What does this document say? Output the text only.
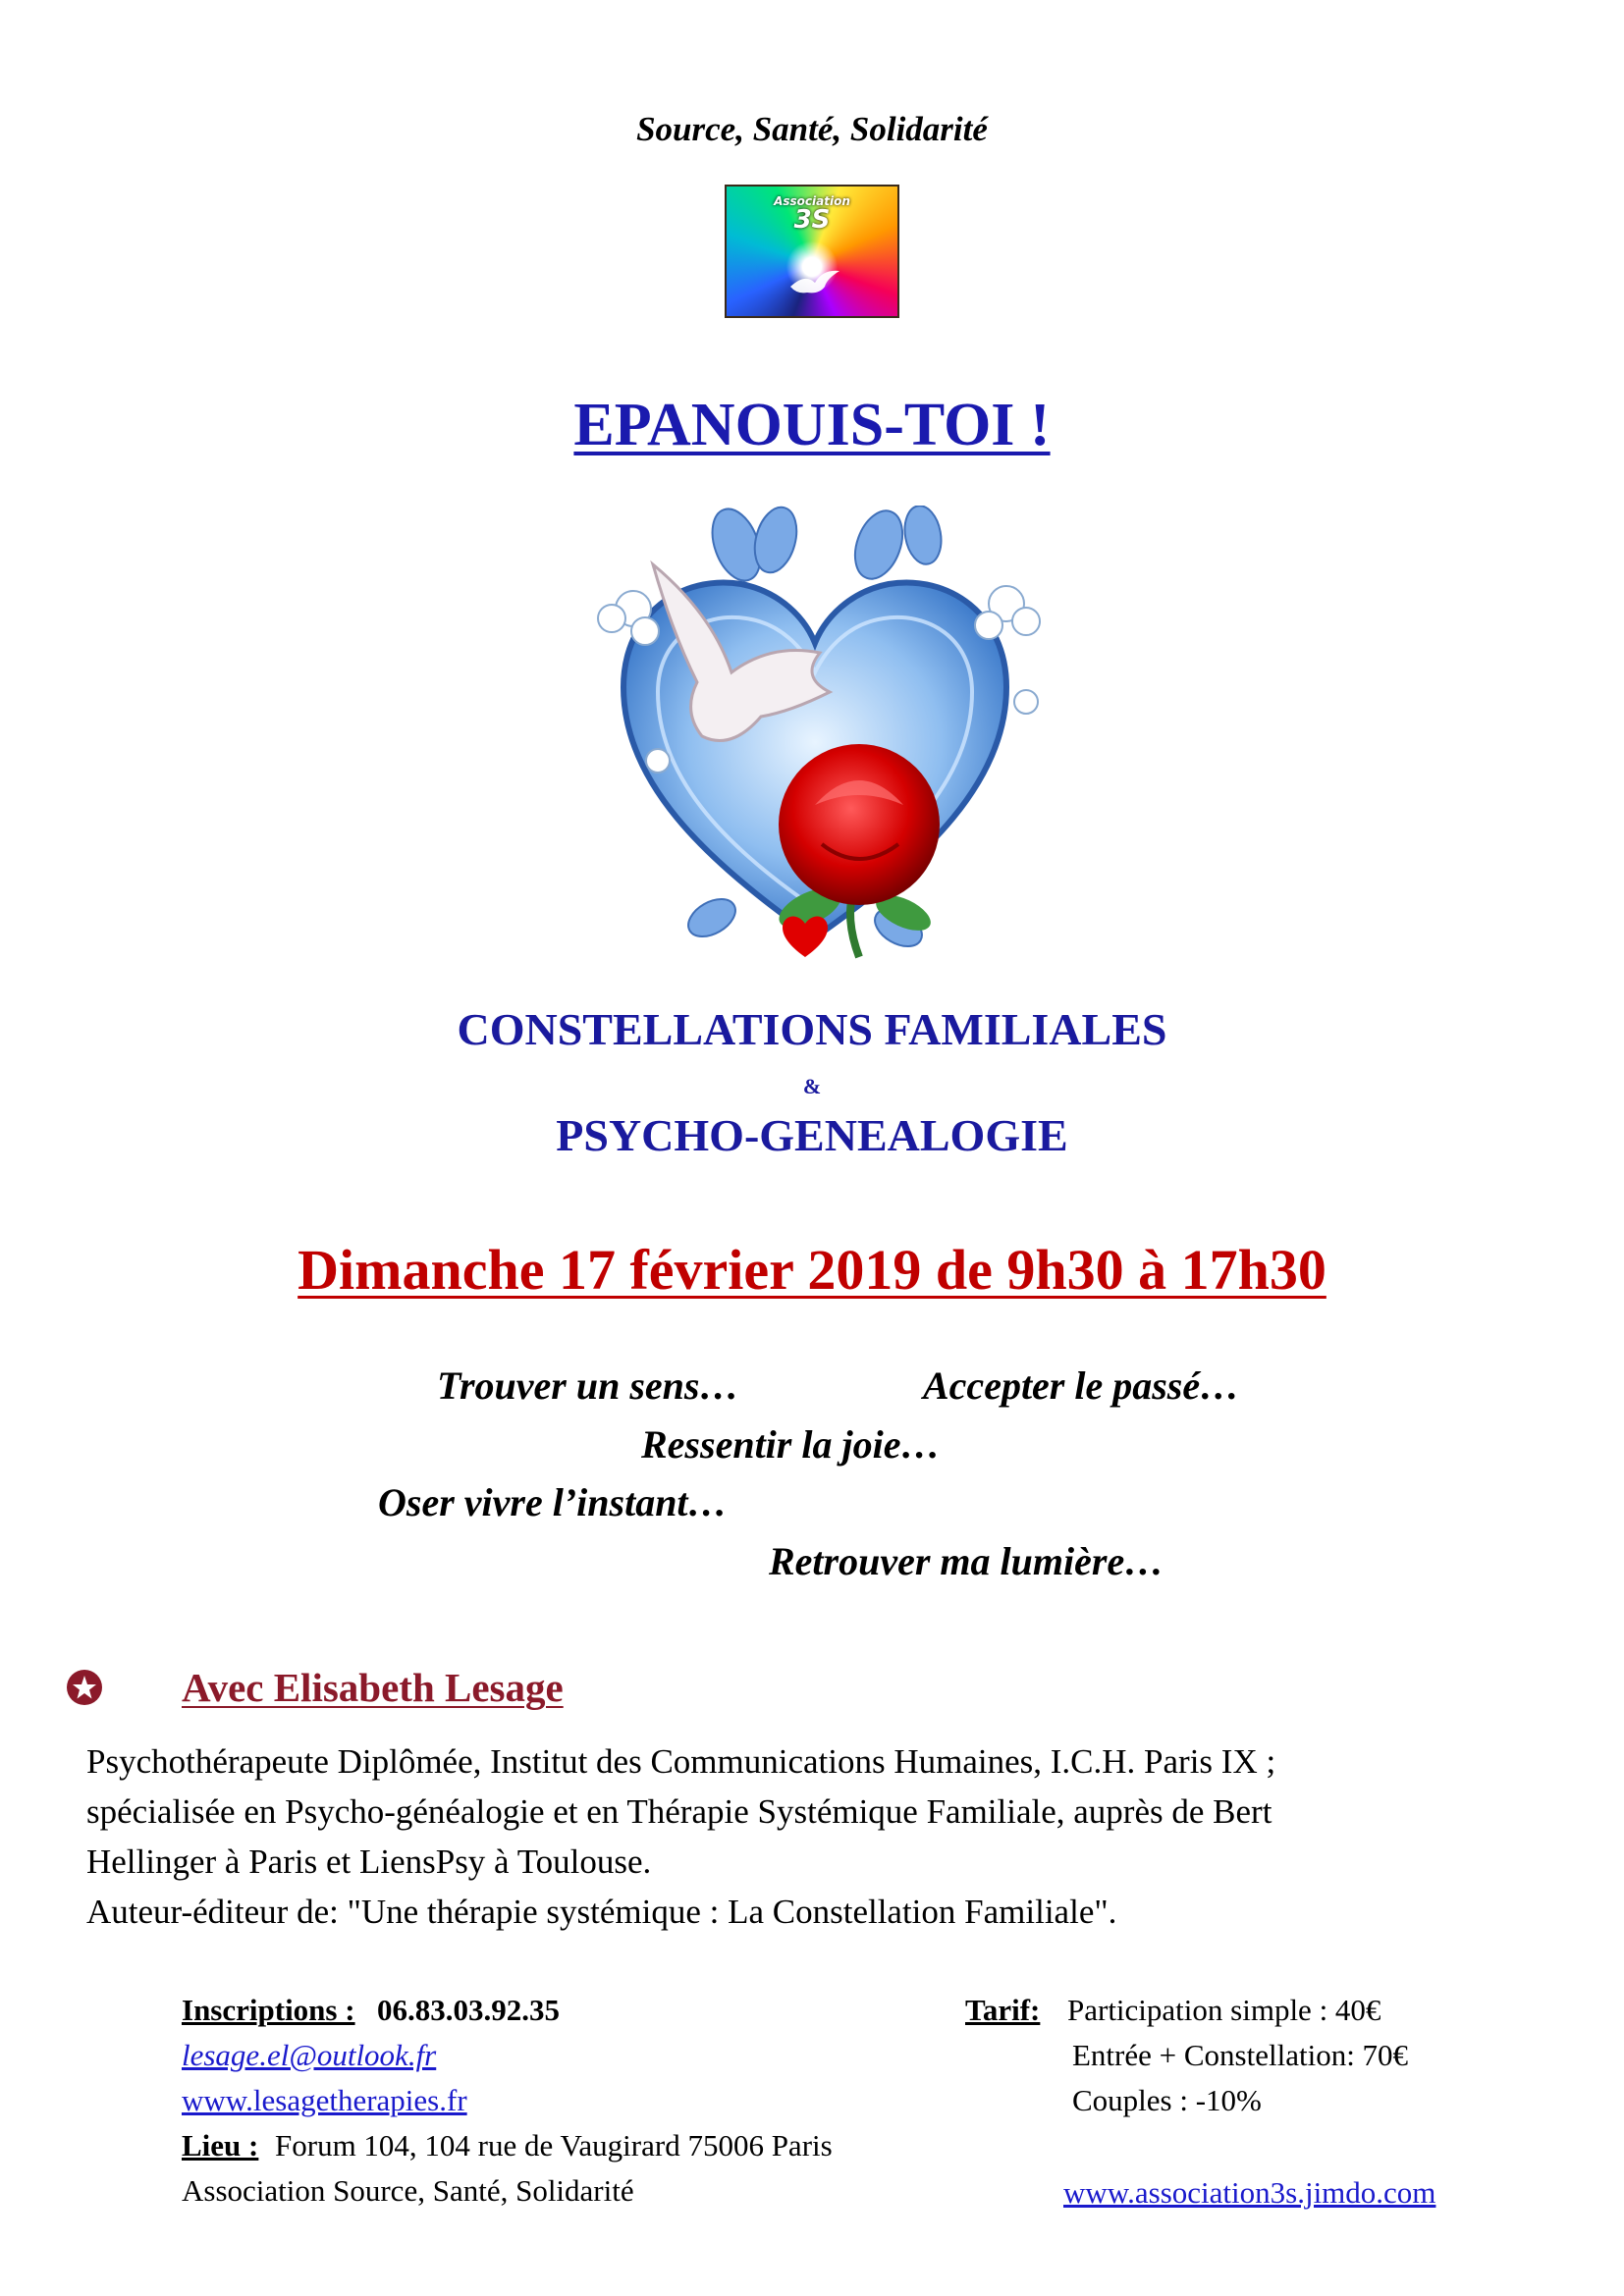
Source, Santé, Solidarité
Association
3S
EPANOUIS-TOI !
CONSTELLATIONS FAMILIALES
&
PSYCHO-GENEALOGIE
Dimanche 17 février 2019 de 9h30 à 17h30
Trouver un sens…	Accepter le passé…
Ressentir la joie…
Oser vivre l’instant…
Retrouver ma lumière…
Avec Elisabeth Lesage
Psychothérapeute Diplômée, Institut des Communications Humaines, I.C.H. Paris IX ;
spécialisée en Psycho-généalogie et en Thérapie Systémique Familiale, auprès de Bert
Hellinger à Paris et LiensPsy à Toulouse.
Auteur-éditeur de: "Une thérapie systémique : La Constellation Familiale".
Inscriptions : 06.83.03.92.35
lesage.el@outlook.fr
www.lesagetherapies.fr
Lieu : Forum 104, 104 rue de Vaugirard 75006 Paris
Association Source, Santé, Solidarité
Tarif: Participation simple : 40€
Entrée + Constellation: 70€
Couples : -10%
www.association3s.jimdo.com
